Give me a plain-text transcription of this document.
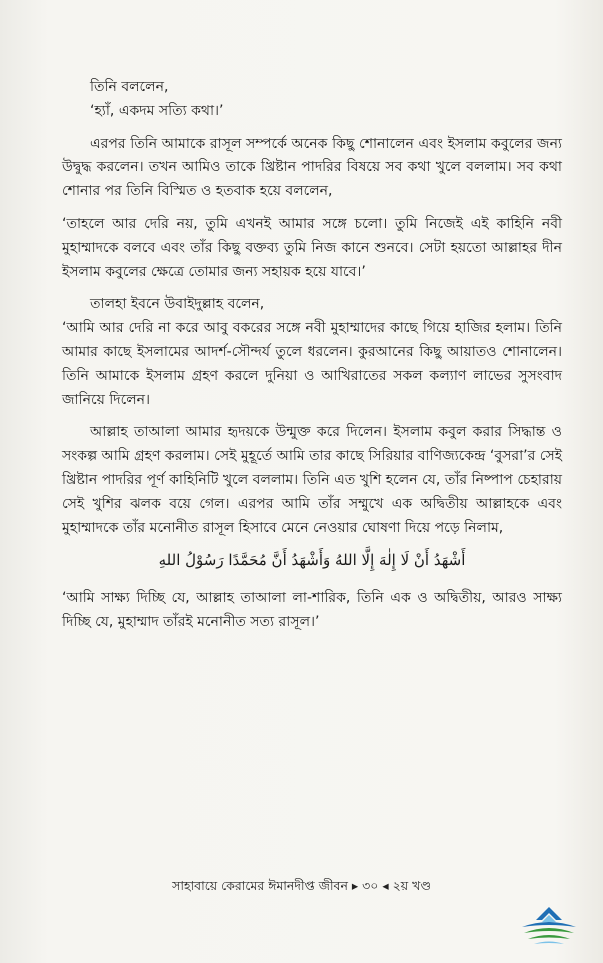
তিনি বললেন,
‘হ্যাঁ, একদম সত্যি কথা।’

এরপর তিনি আমাকে রাসূল সম্পর্কে অনেক কিছু শোনালেন এবং ইসলাম কবুলের জন্য উদ্বুদ্ধ করলেন। তখন আমিও তাকে খ্রিষ্টান পাদরির বিষয়ে সব কথা খুলে বললাম। সব কথা শোনার পর তিনি বিস্মিত ও হতবাক হয়ে বললেন,

‘তাহলে আর দেরি নয়, তুমি এখনই আমার সঙ্গে চলো। তুমি নিজেই এই কাহিনি নবী মুহাম্মাদকে বলবে এবং তাঁর কিছু বক্তব্য তুমি নিজ কানে শুনবে। সেটা হয়তো আল্লাহর দীন ইসলাম কবুলের ক্ষেত্রে তোমার জন্য সহায়ক হয়ে যাবে।’

তালহা ইবনে উবাইদুল্লাহ বলেন,
‘আমি আর দেরি না করে আবু বকরের সঙ্গে নবী মুহাম্মাদের কাছে গিয়ে হাজির হলাম। তিনি আমার কাছে ইসলামের আদর্শ-সৌন্দর্য তুলে ধরলেন। কুরআনের কিছু আয়াতও শোনালেন। তিনি আমাকে ইসলাম গ্রহণ করলে দুনিয়া ও আখিরাতের সকল কল্যাণ লাভের সুসংবাদ জানিয়ে দিলেন।

আল্লাহ তাআলা আমার হৃদয়কে উন্মুক্ত করে দিলেন। ইসলাম কবুল করার সিদ্ধান্ত ও সংকল্প আমি গ্রহণ করলাম। সেই মুহূর্তে আমি তার কাছে সিরিয়ার বাণিজ্যকেন্দ্র ‘বুসরা’র সেই খ্রিষ্টান পাদরির পূর্ণ কাহিনিটি খুলে বললাম। তিনি এত খুশি হলেন যে, তাঁর নিষ্পাপ চেহারায় সেই খুশির ঝলক বয়ে গেল। এরপর আমি তাঁর সম্মুখে এক অদ্বিতীয় আল্লাহকে এবং মুহাম্মাদকে তাঁর মনোনীত রাসূল হিসাবে মেনে নেওয়ার ঘোষণা দিয়ে পড়ে নিলাম,

أَشْهَدُ أَنْ لَا إِلٰهَ إِلَّا اللهُ وَأَشْهَدُ أَنَّ مُحَمَّدًا رَسُوْلُ اللهِ

‘আমি সাক্ষ্য দিচ্ছি যে, আল্লাহ তাআলা লা-শারিক, তিনি এক ও অদ্বিতীয়, আরও সাক্ষ্য দিচ্ছি যে, মুহাম্মাদ তাঁরই মনোনীত সত্য রাসূল।’

সাহাবায়ে কেরামের ঈমানদীপ্ত জীবন ▸ ৩০ ◂ ২য় খণ্ড
